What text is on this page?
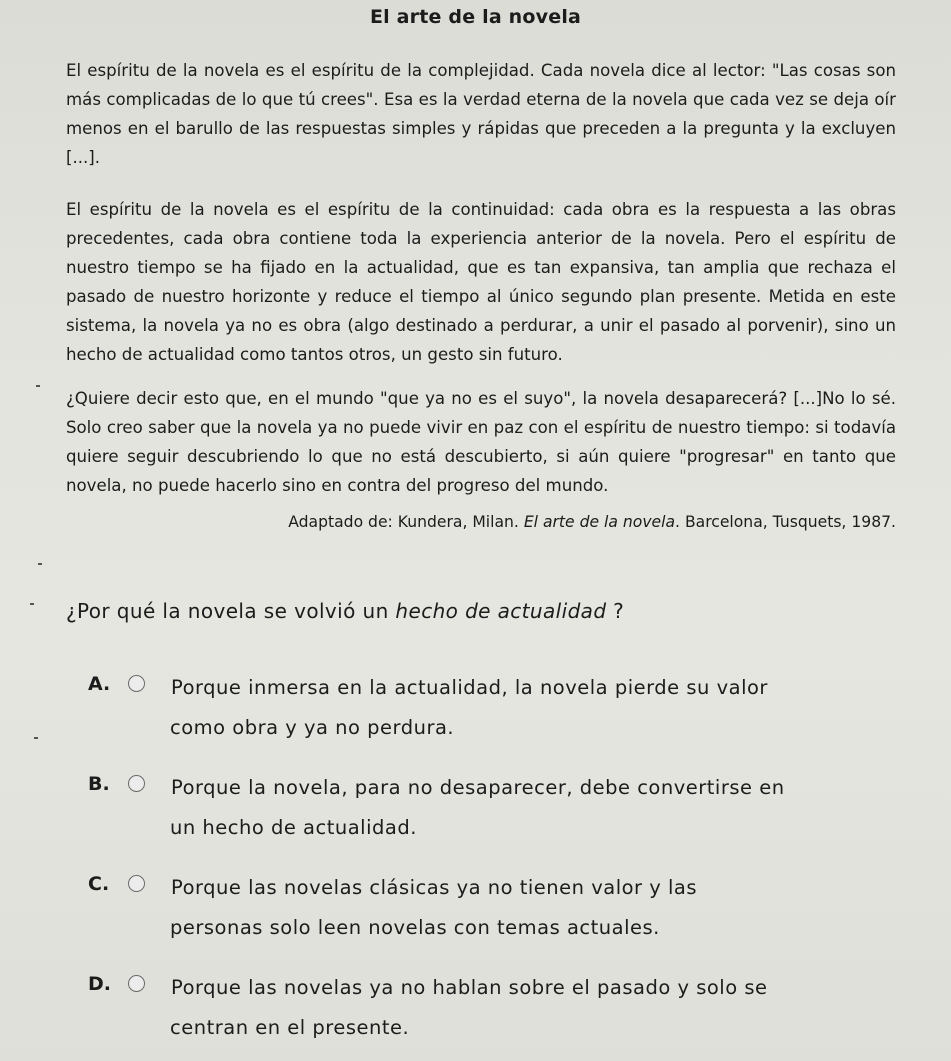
El arte de la novela
El espíritu de la novela es el espíritu de la complejidad. Cada novela dice al lector: "Las cosas son más complicadas de lo que tú crees". Esa es la verdad eterna de la novela que cada vez se deja oír menos en el barullo de las respuestas simples y rápidas que preceden a la pregunta y la excluyen [...].
El espíritu de la novela es el espíritu de la continuidad: cada obra es la respuesta a las obras precedentes, cada obra contiene toda la experiencia anterior de la novela. Pero el espíritu de nuestro tiempo se ha fijado en la actualidad, que es tan expansiva, tan amplia que rechaza el pasado de nuestro horizonte y reduce el tiempo al único segundo plan presente. Metida en este sistema, la novela ya no es obra (algo destinado a perdurar, a unir el pasado al porvenir), sino un hecho de actualidad como tantos otros, un gesto sin futuro.
¿Quiere decir esto que, en el mundo "que ya no es el suyo", la novela desaparecerá? [...]No lo sé. Solo creo saber que la novela ya no puede vivir en paz con el espíritu de nuestro tiempo: si todavía quiere seguir descubriendo lo que no está descubierto, si aún quiere "progresar" en tanto que novela, no puede hacerlo sino en contra del progreso del mundo.
Adaptado de: Kundera, Milan. El arte de la novela. Barcelona, Tusquets, 1987.
¿Por qué la novela se volvió un hecho de actualidad ?
A.	Porque inmersa en la actualidad, la novela pierde su valor
como obra y ya no perdura.
B.	Porque la novela, para no desaparecer, debe convertirse en
un hecho de actualidad.
C.	Porque las novelas clásicas ya no tienen valor y las
personas solo leen novelas con temas actuales.
D.	Porque las novelas ya no hablan sobre el pasado y solo se
centran en el presente.
